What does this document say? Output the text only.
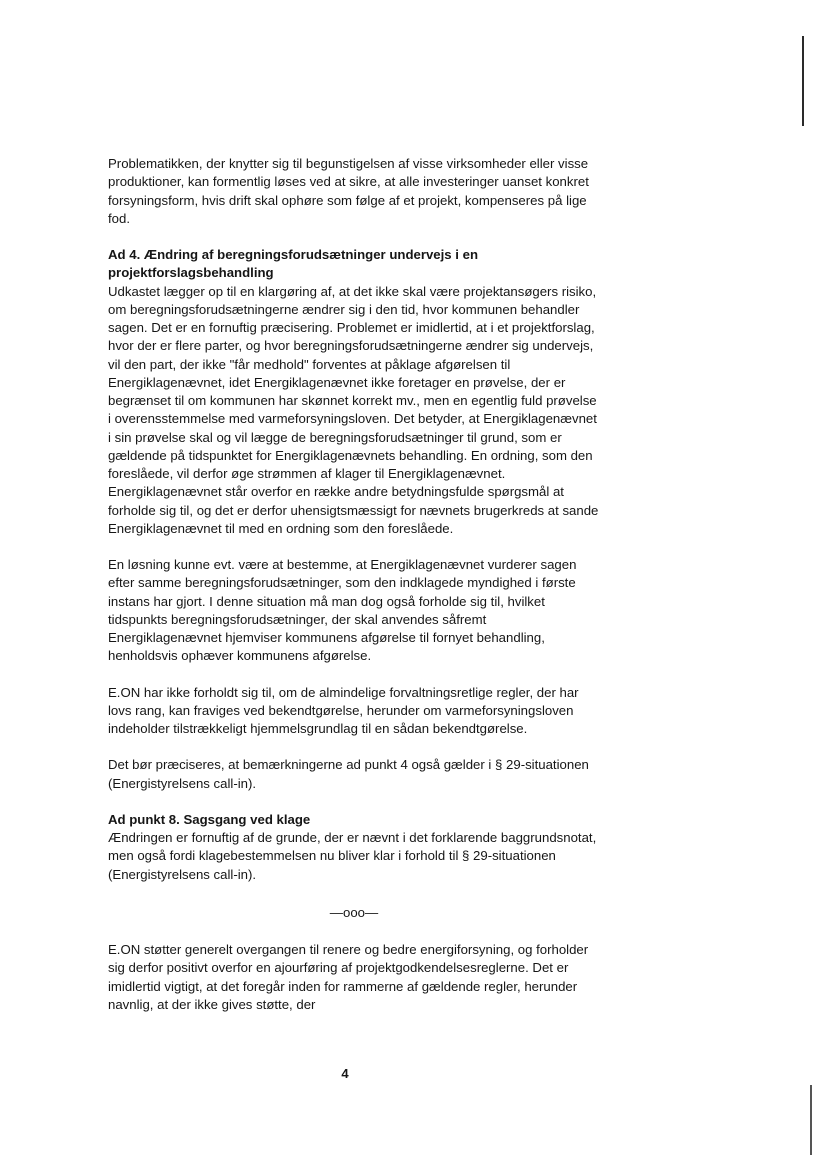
Problematikken, der knytter sig til begunstigelsen af visse virksomheder eller visse produktioner, kan formentlig løses ved at sikre, at alle investeringer uanset konkret forsyningsform, hvis drift skal ophøre som følge af et projekt, kompenseres på lige fod.

Ad 4. Ændring af beregningsforudsætninger undervejs i en projektforslagsbehandling

Udkastet lægger op til en klargøring af, at det ikke skal være projektansøgers risiko, om beregningsforudsætningerne ændrer sig i den tid, hvor kommunen behandler sagen. Det er en fornuftig præcisering. Problemet er imidlertid, at i et projektforslag, hvor der er flere parter, og hvor beregningsforudsætningerne ændrer sig undervejs, vil den part, der ikke "får medhold" forventes at påklage afgørelsen til Energiklagenævnet, idet Energiklagenævnet ikke foretager en prøvelse, der er begrænset til om kommunen har skønnet korrekt mv., men en egentlig fuld prøvelse i overensstemmelse med varmeforsyningsloven. Det betyder, at Energiklagenævnet i sin prøvelse skal og vil lægge de beregningsforudsætninger til grund, som er gældende på tidspunktet for Energiklagenævnets behandling. En ordning, som den foreslåede, vil derfor øge strømmen af klager til Energiklagenævnet. Energiklagenævnet står overfor en række andre betydningsfulde spørgsmål at forholde sig til, og det er derfor uhensigtsmæssigt for nævnets brugerkreds at sande Energiklagenævnet til med en ordning som den foreslåede.

En løsning kunne evt. være at bestemme, at Energiklagenævnet vurderer sagen efter samme beregningsforudsætninger, som den indklagede myndighed i første instans har gjort. I denne situation må man dog også forholde sig til, hvilket tidspunkts beregningsforudsætninger, der skal anvendes såfremt Energiklagenævnet hjemviser kommunens afgørelse til fornyet behandling, henholdsvis ophæver kommunens afgørelse.

E.ON har ikke forholdt sig til, om de almindelige forvaltningsretlige regler, der har lovs rang, kan fraviges ved bekendtgørelse, herunder om varmeforsyningsloven indeholder tilstrækkeligt hjemmelsgrundlag til en sådan bekendtgørelse.

Det bør præciseres, at bemærkningerne ad punkt 4 også gælder i § 29-situationen (Energistyrelsens call-in).

Ad punkt 8. Sagsgang ved klage

Ændringen er fornuftig af de grunde, der er nævnt i det forklarende baggrundsnotat, men også fordi klagebestemmelsen nu bliver klar i forhold til § 29-situationen (Energistyrelsens call-in).

—ooo—

E.ON støtter generelt overgangen til renere og bedre energiforsyning, og forholder sig derfor positivt overfor en ajourføring af projektgodkendelsesreglerne. Det er imidlertid vigtigt, at det foregår inden for rammerne af gældende regler, herunder navnlig, at der ikke gives støtte, der

4
